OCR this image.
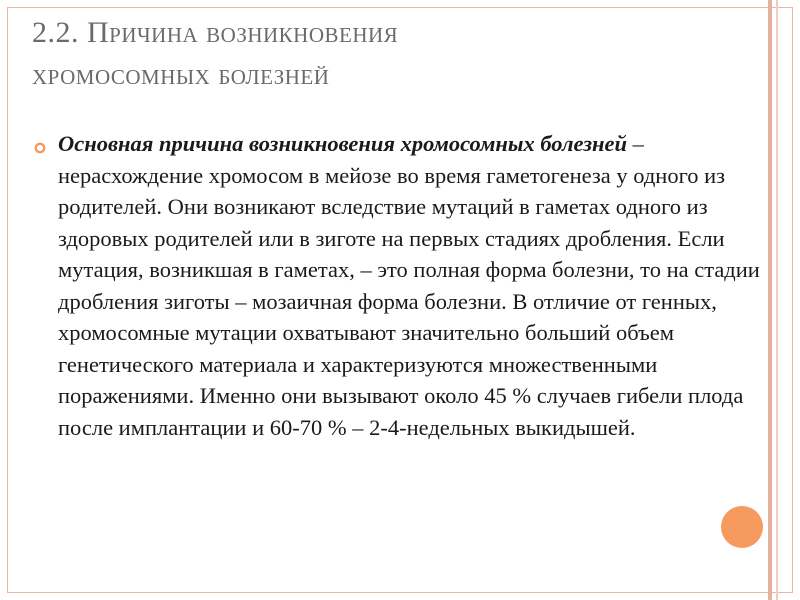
2.2. Причина возникновения
хромосомных болезней
Основная причина возникновения хромосомных болезней – нерасхождение хромосом в мейозе во время гаметогенеза у одного из родителей. Они возникают вследствие мутаций в гаметах одного из здоровых родителей или в зиготе на первых стадиях дробления. Если мутация, возникшая в гаметах, – это полная форма болезни, то на стадии дробления зиготы – мозаичная форма болезни. В отличие от генных, хромосомные мутации охватывают значительно больший объем генетического материала и характеризуются множественными поражениями. Именно они вызывают около 45 % случаев гибели плода после имплантации и 60-70 % – 2-4-недельных выкидышей.
